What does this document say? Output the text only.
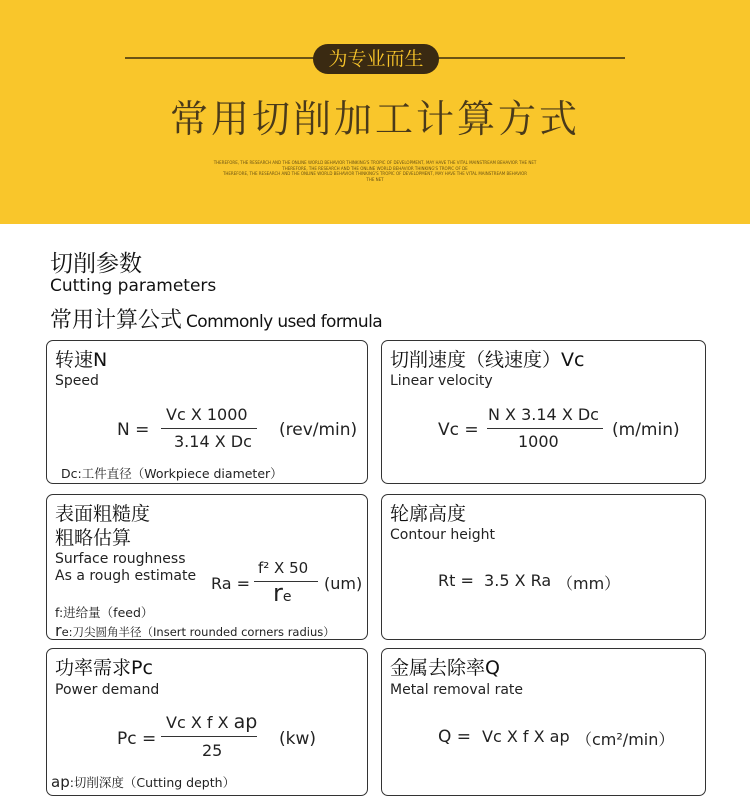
为专业而生
常用切削加工计算方式
THEREFORE, THE RESEARCH AND THE ONLINE WORLD BEHAVIOR THINKING'S TROPIC OF DEVELOPMENT, MAY HAVE THE VITAL MAINSTREAM BEHAVIOR THE NET
THEREFORE, THE RESEARCH AND THE ONLINE WORLD BEHAVIOR THINKING'S TROPIC OF DE
THEREFORE, THE RESEARCH AND THE ONLINE WORLD BEHAVIOR THINKING'S TROPIC OF DEVELOPMENT, MAY HAVE THE VITAL MAINSTREAM BEHAVIOR
THE NET
切削参数
Cutting parameters
常用计算公式 Commonly used formula
转速N
Speed
N =
Vc X 1000
3.14 X Dc
(rev/min)
Dc:工件直径（Workpiece diameter）
切削速度（线速度）Vc
Linear velocity
Vc =
N X 3.14 X Dc
1000
(m/min)
表面粗糙度
粗略估算
Surface roughness
As a rough estimate Ra =
f² X 50
re
(um)
f:进给量（feed）
re:刀尖圆角半径（Insert rounded corners radius）
轮廓高度
Contour height
Rt =  3.5 X Ra （mm）
功率需求Pc
Power demand
Pc =
Vc X f X ap
25
(kw)
ap:切削深度（Cutting depth）
金属去除率Q
Metal removal rate
Q = Vc X f X ap （cm²/min）
